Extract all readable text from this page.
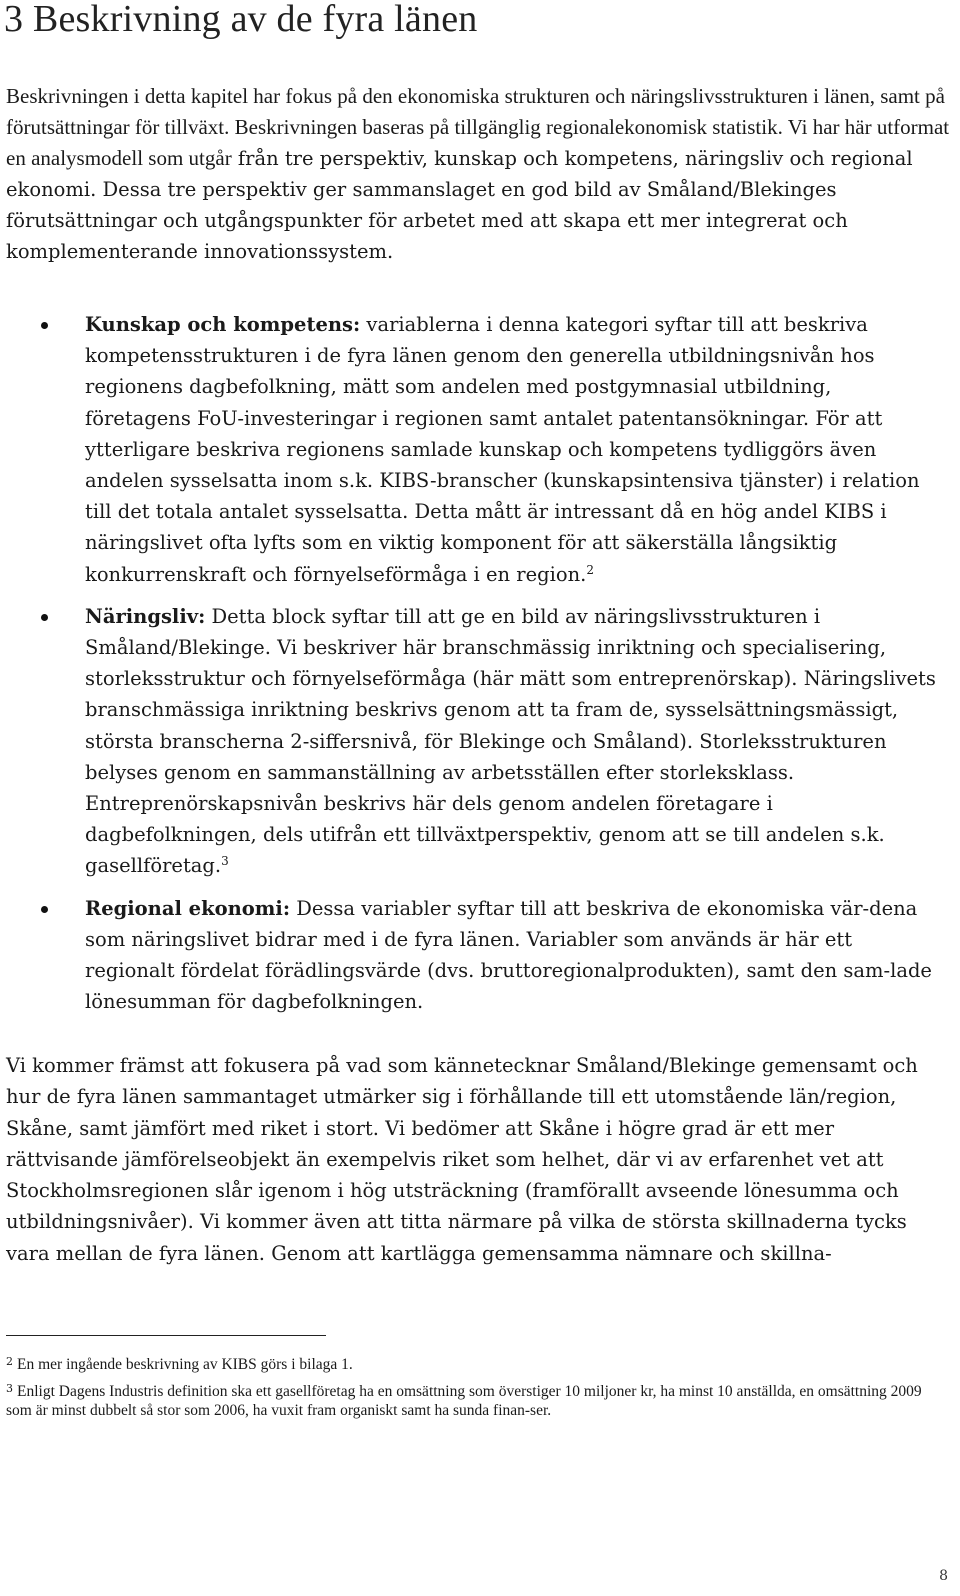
3 Beskrivning av de fyra länen

Beskrivningen i detta kapitel har fokus på den ekonomiska strukturen och näringslivsstrukturen i länen, samt på förutsättningar för tillväxt. Beskrivningen baseras på tillgänglig regionalekonomisk statistik. Vi har här utformat en analysmodell som utgår från tre perspektiv, kunskap och kompetens, näringsliv och regional ekonomi. Dessa tre perspektiv ger sammanslaget en god bild av Småland/Blekinges förutsättningar och utgångspunkter för arbetet med att skapa ett mer integrerat och komplementerande innovationssystem.

Kunskap och kompetens: variablerna i denna kategori syftar till att beskriva kompetensstrukturen i de fyra länen genom den generella utbildningsnivån hos regionens dagbefolkning, mätt som andelen med postgymnasial utbildning, företagens FoU-investeringar i regionen samt antalet patentansökningar. För att ytterligare beskriva regionens samlade kunskap och kompetens tydliggörs även andelen sysselsatta inom s.k. KIBS-branscher (kunskapsintensiva tjänster) i relation till det totala antalet sysselsatta. Detta mått är intressant då en hög andel KIBS i näringslivet ofta lyfts som en viktig komponent för att säkerställa långsiktig konkurrenskraft och förnyelseförmåga i en region.$^2$
Näringsliv: Detta block syftar till att ge en bild av näringslivsstrukturen i Småland/Blekinge. Vi beskriver här branschmässig inriktning och specialisering, storleksstruktur och förnyelseförmåga (här mätt som entreprenörskap). Näringslivets branschmässiga inriktning beskrivs genom att ta fram de, sysselsättningsmässigt, största branscherna 2-siffersnivå, för Blekinge och Småland). Storleksstrukturen belyses genom en sammanställning av arbetsställen efter storleksklass. Entreprenörskapsnivån beskrivs här dels genom andelen företagare i dagbefolkningen, dels utifrån ett tillväxtperspektiv, genom att se till andelen s.k. gasellföretag.$^3$
Regional ekonomi: Dessa variabler syftar till att beskriva de ekonomiska vär-dena som näringslivet bidrar med i de fyra länen. Variabler som används är här ett regionalt fördelat förädlingsvärde (dvs. bruttoregionalprodukten), samt den sam-lade lönesumman för dagbefolkningen.

Vi kommer främst att fokusera på vad som kännetecknar Småland/Blekinge gemensamt och hur de fyra länen sammantaget utmärker sig i förhållande till ett utomstående län/region, Skåne, samt jämfört med riket i stort. Vi bedömer att Skåne i högre grad är ett mer rättvisande jämförelseobjekt än exempelvis riket som helhet, där vi av erfarenhet vet att Stockholmsregionen slår igenom i hög utsträckning (framförallt avseende lönesumma och utbildningsnivåer). Vi kommer även att titta närmare på vilka de största skillnaderna tycks vara mellan de fyra länen. Genom att kartlägga gemensamma nämnare och skillna-

$^2$ En mer ingående beskrivning av KIBS görs i bilaga 1.
$^3$ Enligt Dagens Industris definition ska ett gasellföretag ha en omsättning som överstiger 10 miljoner kr, ha minst 10 anställda, en omsättning 2009 som är minst dubbelt så stor som 2006, ha vuxit fram organiskt samt ha sunda finan-ser.
8
